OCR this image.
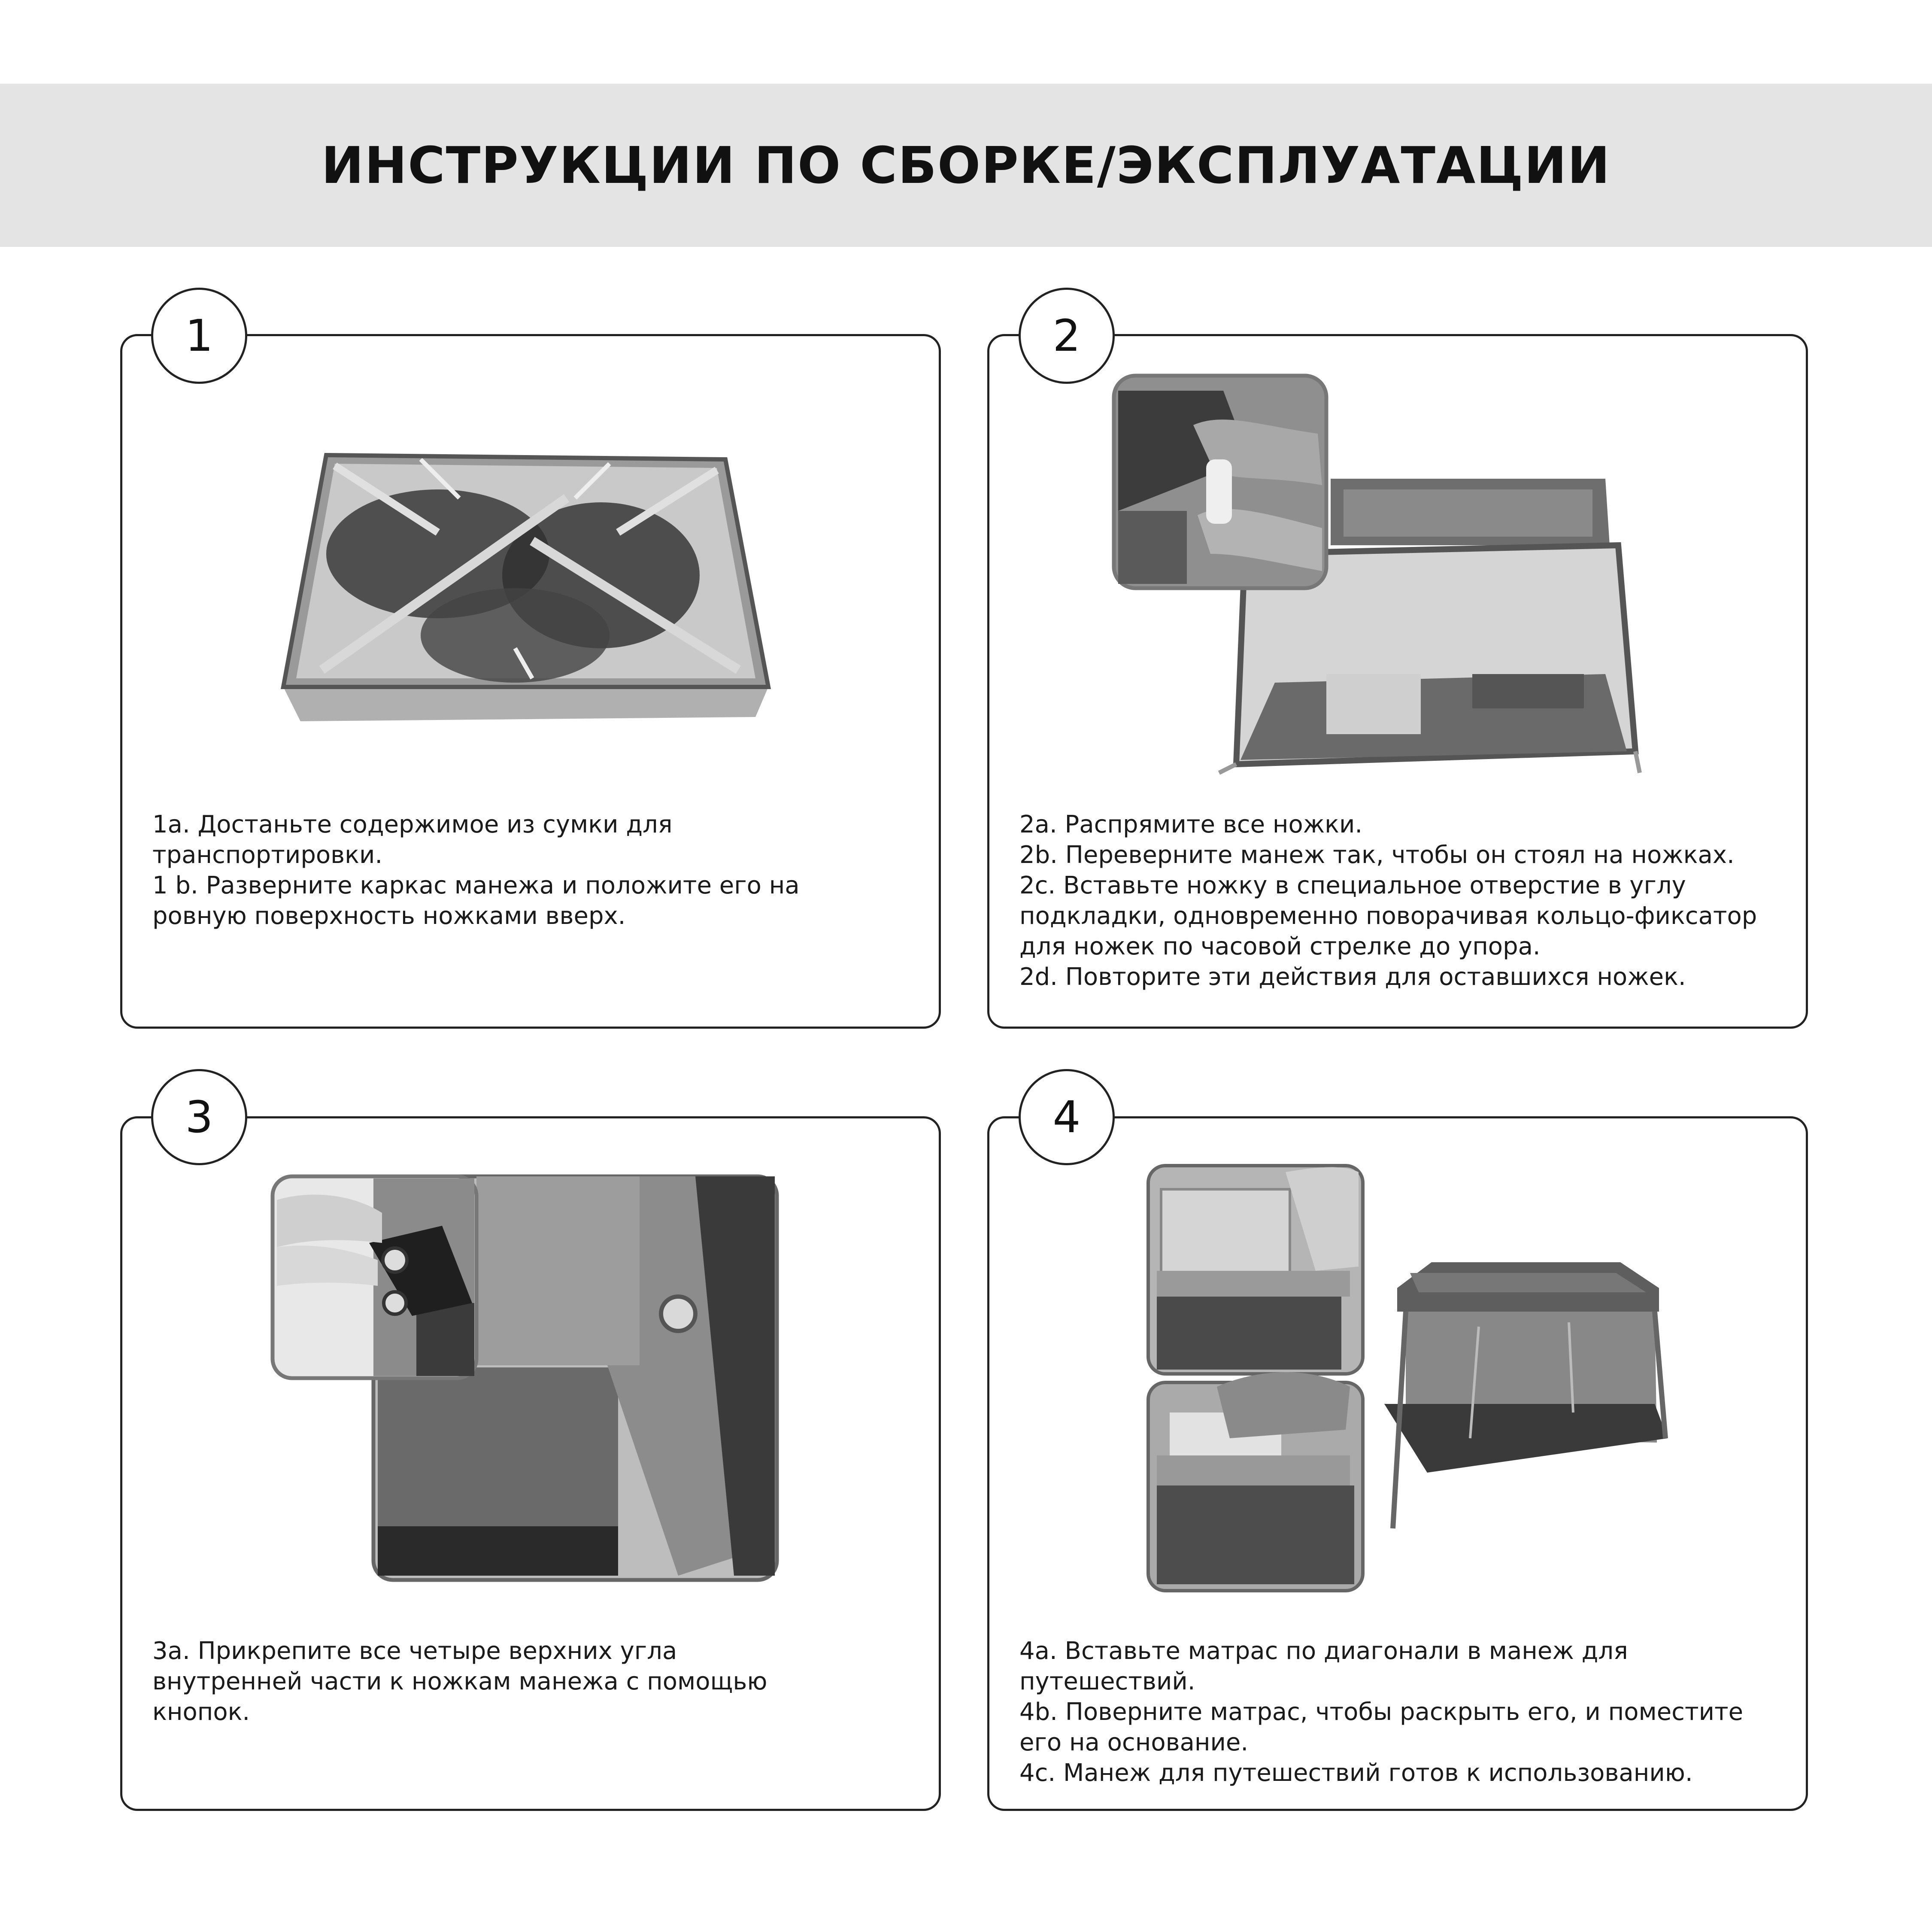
ИНСТРУКЦИИ ПО СБОРКЕ/ЭКСПЛУАТАЦИИ
1
1a. Достаньте содержимое из сумки для
транспортировки.
1 b. Разверните каркас манежа и положите его на
ровную поверхность ножками вверх.
2
2a. Распрямите все ножки.
2b. Переверните манеж так, чтобы он стоял на ножках.
2c. Вставьте ножку в специальное отверстие в углу
подкладки, одновременно поворачивая кольцо-фиксатор
для ножек по часовой стрелке до упора.
2d. Повторите эти действия для оставшихся ножек.
3
3a. Прикрепите все четыре верхних угла
внутренней части к ножкам манежа с помощью
кнопок.
4
4a. Вставьте матрас по диагонали в манеж для
путешествий.
4b. Поверните матрас, чтобы раскрыть его, и поместите
его на основание.
4c. Манеж для путешествий готов к использованию.
